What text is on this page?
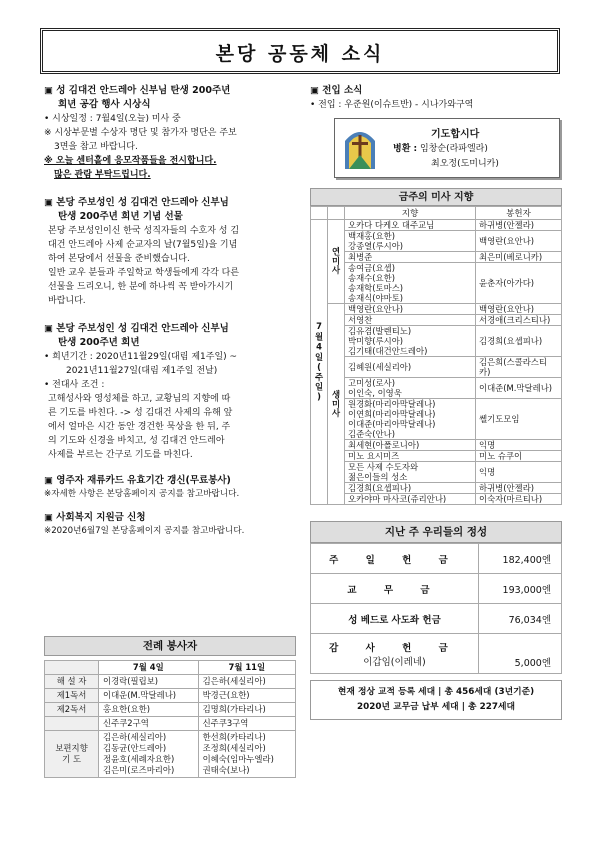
본당 공동체 소식
▣ 성 김대건 안드레아 신부님 탄생 200주년
희년 공감 행사 시상식
• 시상일정 : 7월4일(오늘) 미사 중
※ 시상부문별 수상자 명단 및 참가자 명단은 주보
3면을 참고 바랍니다.
※ 오늘 센터홀에 응모작품들을 전시합니다.
많은 관람 부탁드립니다.
▣ 본당 주보성인 성 김대건 안드레아 신부님
탄생 200주년 희년 기념 선물
본당 주보성인이신 한국 성직자들의 수호자 성 김
대건 안드레아 사제 순교자의 날(7월5일)을 기념
하여 본당에서 선물을 준비했습니다.
일반 교우 분들과 주일학교 학생들에게 각각 다른
선물을 드리오니, 한 분에 하나씩 꼭 받아가시기
바랍니다.
▣ 본당 주보성인 성 김대건 안드레아 신부님
탄생 200주년 희년
• 희년기간 : 2020년11월29일(대림 제1주일) ~
2021년11월27일(대림 제1주일 전날)
• 전대사 조건 :
고해성사와 영성체를 하고, 교황님의 지향에 따
른 기도를 바친다. -> 성 김대건 사제의 유해 앞
에서 얼마은 시간 동안 경건한 묵상을 한 뒤, 주
의 기도와 신경을 바치고, 성 김대건 안드레아
사제를 부르는 간구로 기도를 마친다.
▣ 영주자 재류카드 유효기간 갱신(무료봉사)
※자세한 사항은 본당홈페이지 공지를 참고바랍니다.
▣ 사회복지 지원금 신청
※2020년6월7일 본당홈페이지 공지를 참고바랍니다.
▣ 전입 소식
• 전입 : 우준원(이슈트반) - 시나가와구역
기도합시다
병환 : 임창순(라파엘라)
최오정(도미니카)
금주의 미사 지향
		지향	봉헌자
7월4일(주일)	연미사	오카다 다케오 대주교님	하귀병(안젤라)
		백재홍(요한)
강종열(루시아)	백영란(요안나)
		최병준	최은미(베로니카)
		송여금(요셉)
송재수(요한)
송재학(토마스)
송재식(야마토)	윤춘자(아가다)
	생미사	백영란(요안나)	백영란(요안나)
		서영찬	서경애(크리스티나)
		김유겸(발렌티노)
박미향(루시아)
김기태(대건안드레아)	김경희(요셉피나)
		김혜원(세실리아)	김은희(스콜라스티카)
		고미성(로사)
이인숙, 이영욱	이대준(M.막달레나)
		원경화(마리아막달레나)
이연희(마리아막달레나)
이대준(마리아막달레나)
김준숙(안나)	쎌기도모임
		최세현(아폴로니아)	익명
		미노 요시미즈	미노 슈쿠이
		모든 사제 수도자와
젊은이들의 성소	익명
		김경희(요셉피나)	하귀병(안젤라)
		오카야마 마사코(쥬리안나)	이숙자(마르티나)
지난 주 우리들의 정성
주 일 헌 금	182,400엔
교 무 금	193,000엔
성 베드로 사도좌 헌금	76,034엔

감 사 헌 금
이갑임(이레네)	5,000엔
현재 정상 교적 등록 세대 | 총 456세대 (3년기준)
2020년 교무금 납부 세대 | 총 227세대
전례 봉사자
	7월 4일	7월 11일
해 설 자	이경락(필립보)	김은하(세실리아)
제1독서	이대운(M.막달레나)	박경근(요한)
제2독서	홍요한(요한)	김명희(가타리나)
	신주쿠2구역	신주쿠3구역
보편지향
기 도	김은하(세실리아)
김동균(안드레아)
정윤호(세례자요한)
김은미(로즈마리아)	한선희(카타리나)
조정희(세실리아)
이혜숙(임마누엘라)
권태숙(보나)
